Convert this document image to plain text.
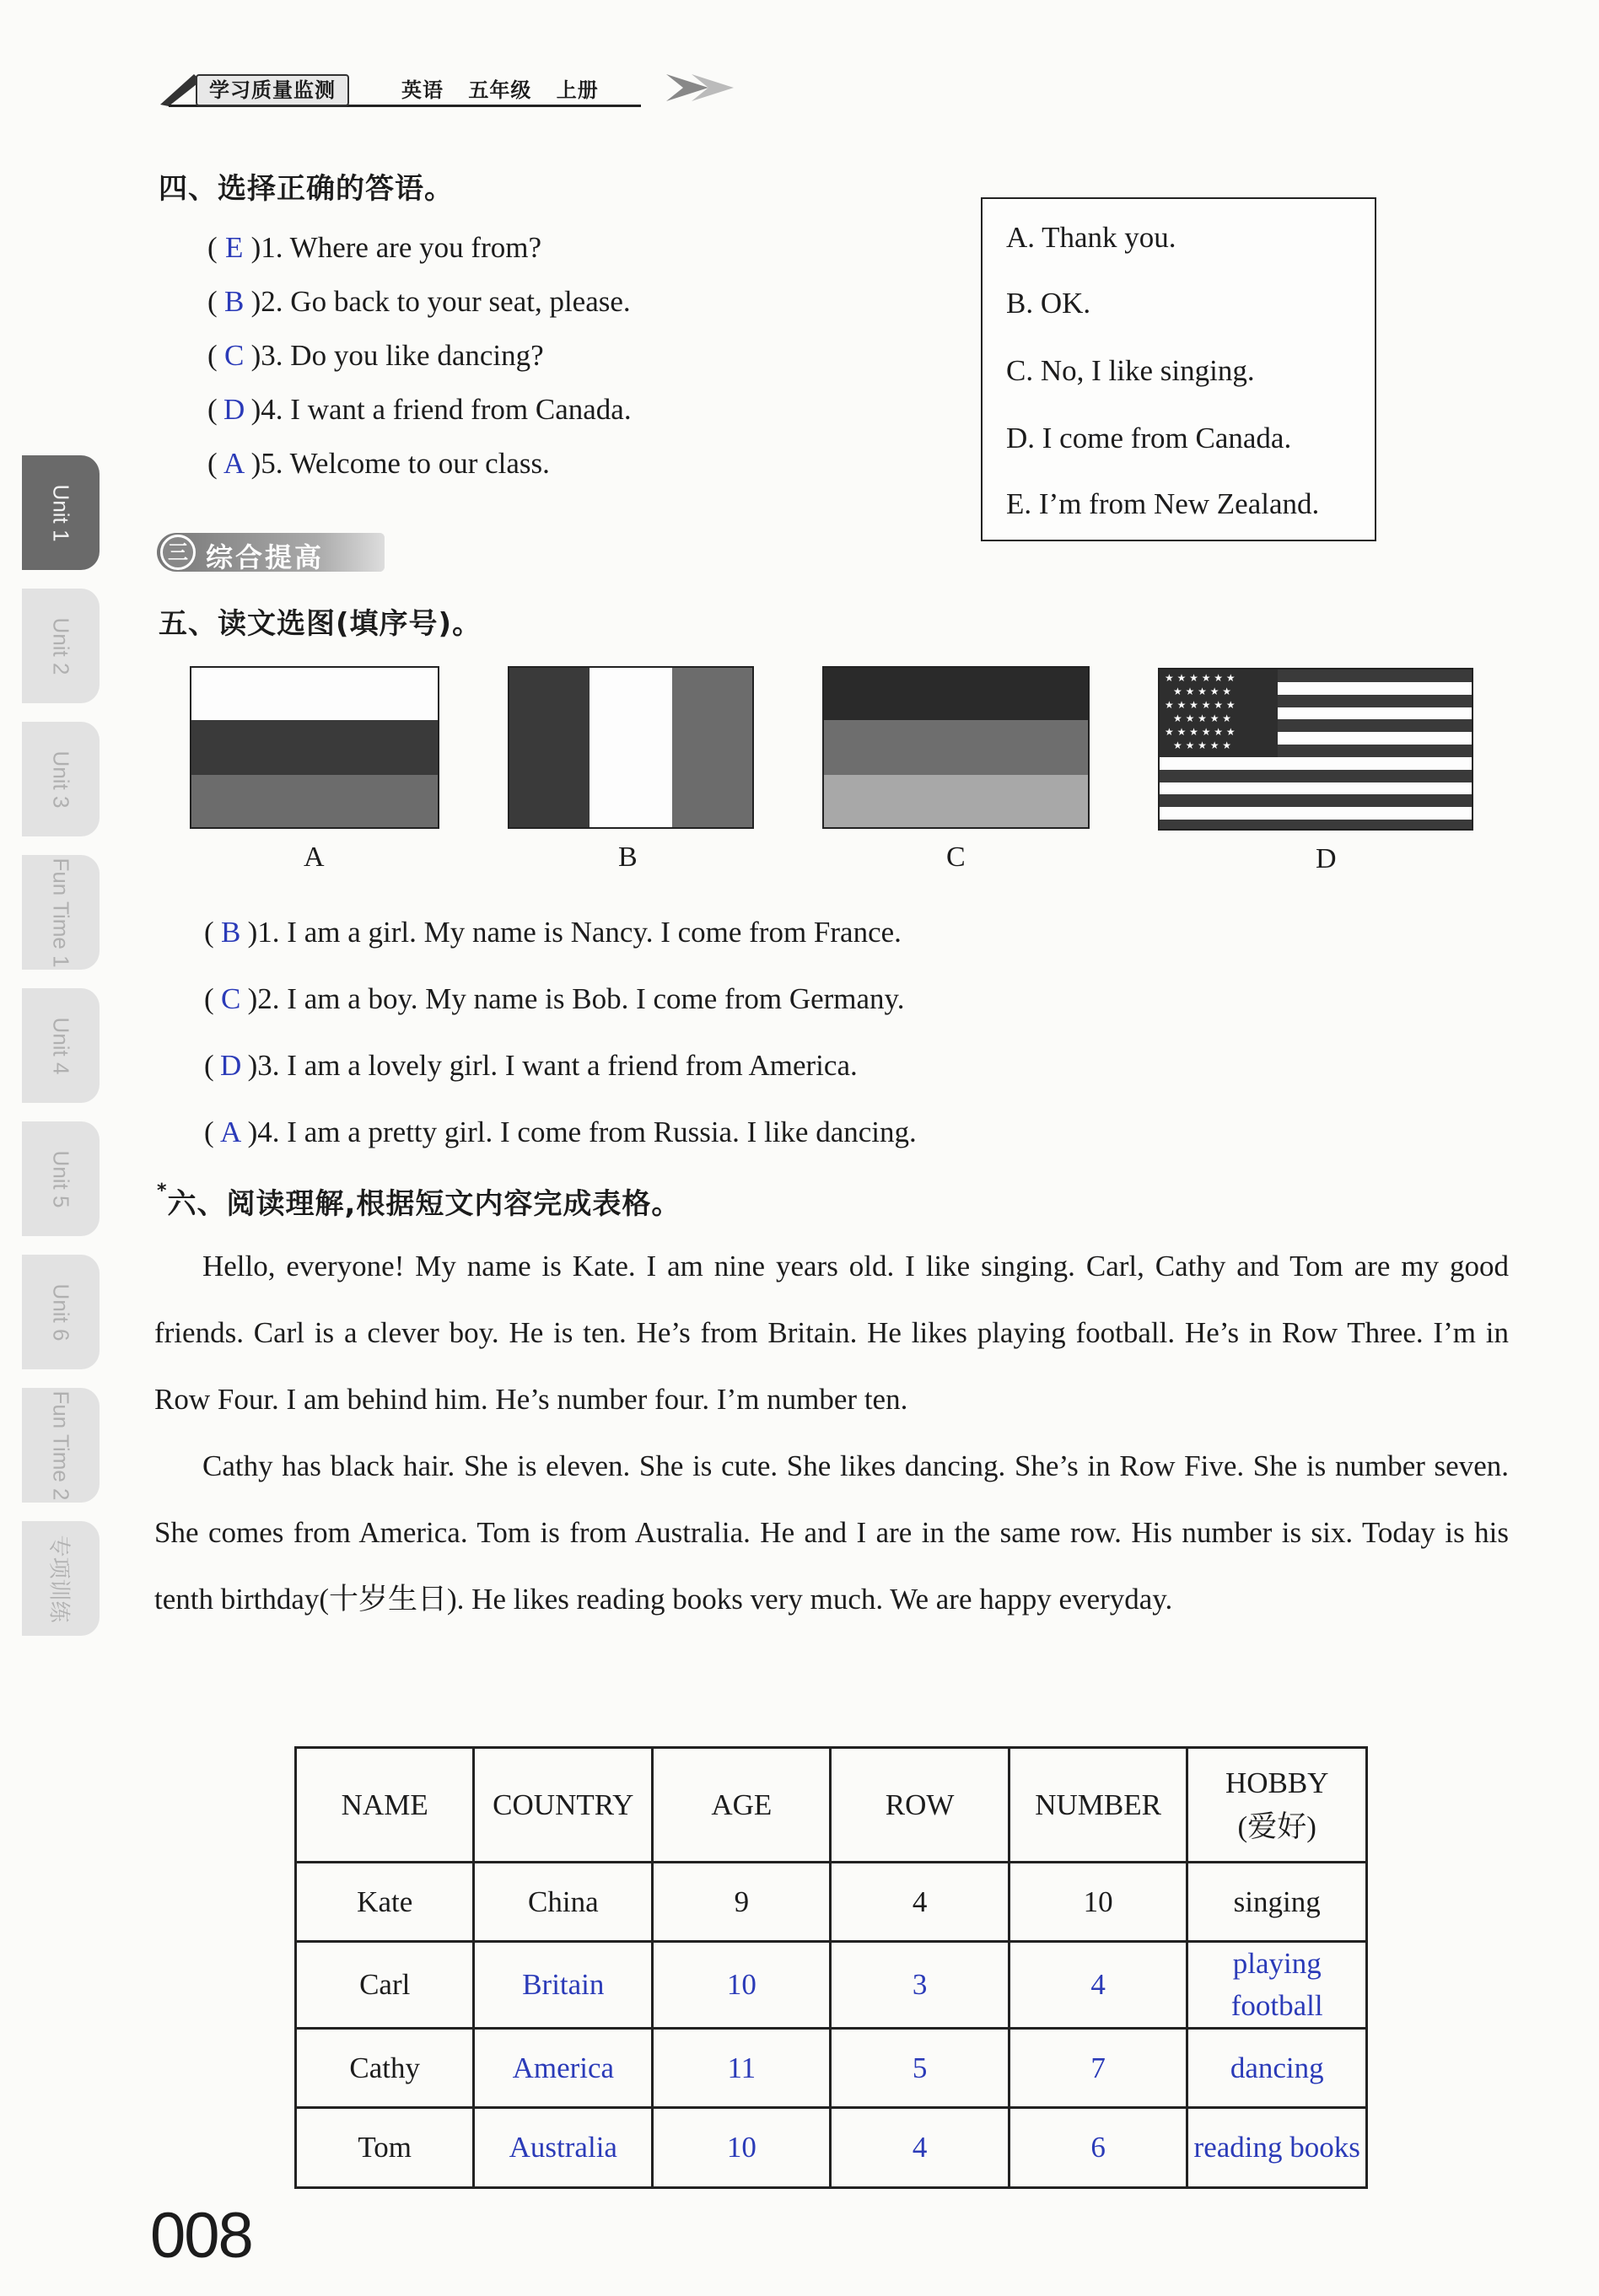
学习质量监测	英语 五年级 上册
Unit 1
Unit 2
Unit 3
Fun Time 1
Unit 4
Unit 5
Unit 6
Fun Time 2
专项训练
四、选择正确的答语。
( E )1. Where are you from?
( B )2. Go back to your seat, please.
( C )3. Do you like dancing?
( D )4. I want a friend from Canada.
( A )5. Welcome to our class.
A. Thank you.
B. OK.
C. No, I like singing.
D. I come from Canada.
E. I’m from New Zealand.
三 综合提高
五、读文选图(填序号)。
A	B	C
★ ★ ★ ★ ★ ★
★ ★ ★ ★ ★
★ ★ ★ ★ ★ ★
★ ★ ★ ★ ★
★ ★ ★ ★ ★ ★
★ ★ ★ ★ ★
D
( B )1. I am a girl. My name is Nancy. I come from France.
( C )2. I am a boy. My name is Bob. I come from Germany.
( D )3. I am a lovely girl. I want a friend from America.
( A )4. I am a pretty girl. I come from Russia. I like dancing.
*六、阅读理解,根据短文内容完成表格。

Hello, everyone! My name is Kate. I am nine years old. I like singing. Carl, Cathy and Tom are my good friends. Carl is a clever boy. He is ten. He’s from Britain. He likes playing football. He’s in Row Three. I’m in Row Four. I am behind him. He’s number four. I’m number ten.

Cathy has black hair. She is eleven. She is cute. She likes dancing. She’s in Row Five. She is number seven. She comes from America. Tom is from Australia. He and I are in the same row. His number is six. Today is his tenth birthday(十岁生日). He likes reading books very much. We are happy everyday.

NAME	COUNTRY	AGE	ROW	NUMBER	HOBBY
(爱好)

Kate	China	9	4	10	singing
Carl	Britain	10	3	4	playing
football

Cathy	America	11	5	7	dancing
Tom	Australia	10	4	6	reading books
008
